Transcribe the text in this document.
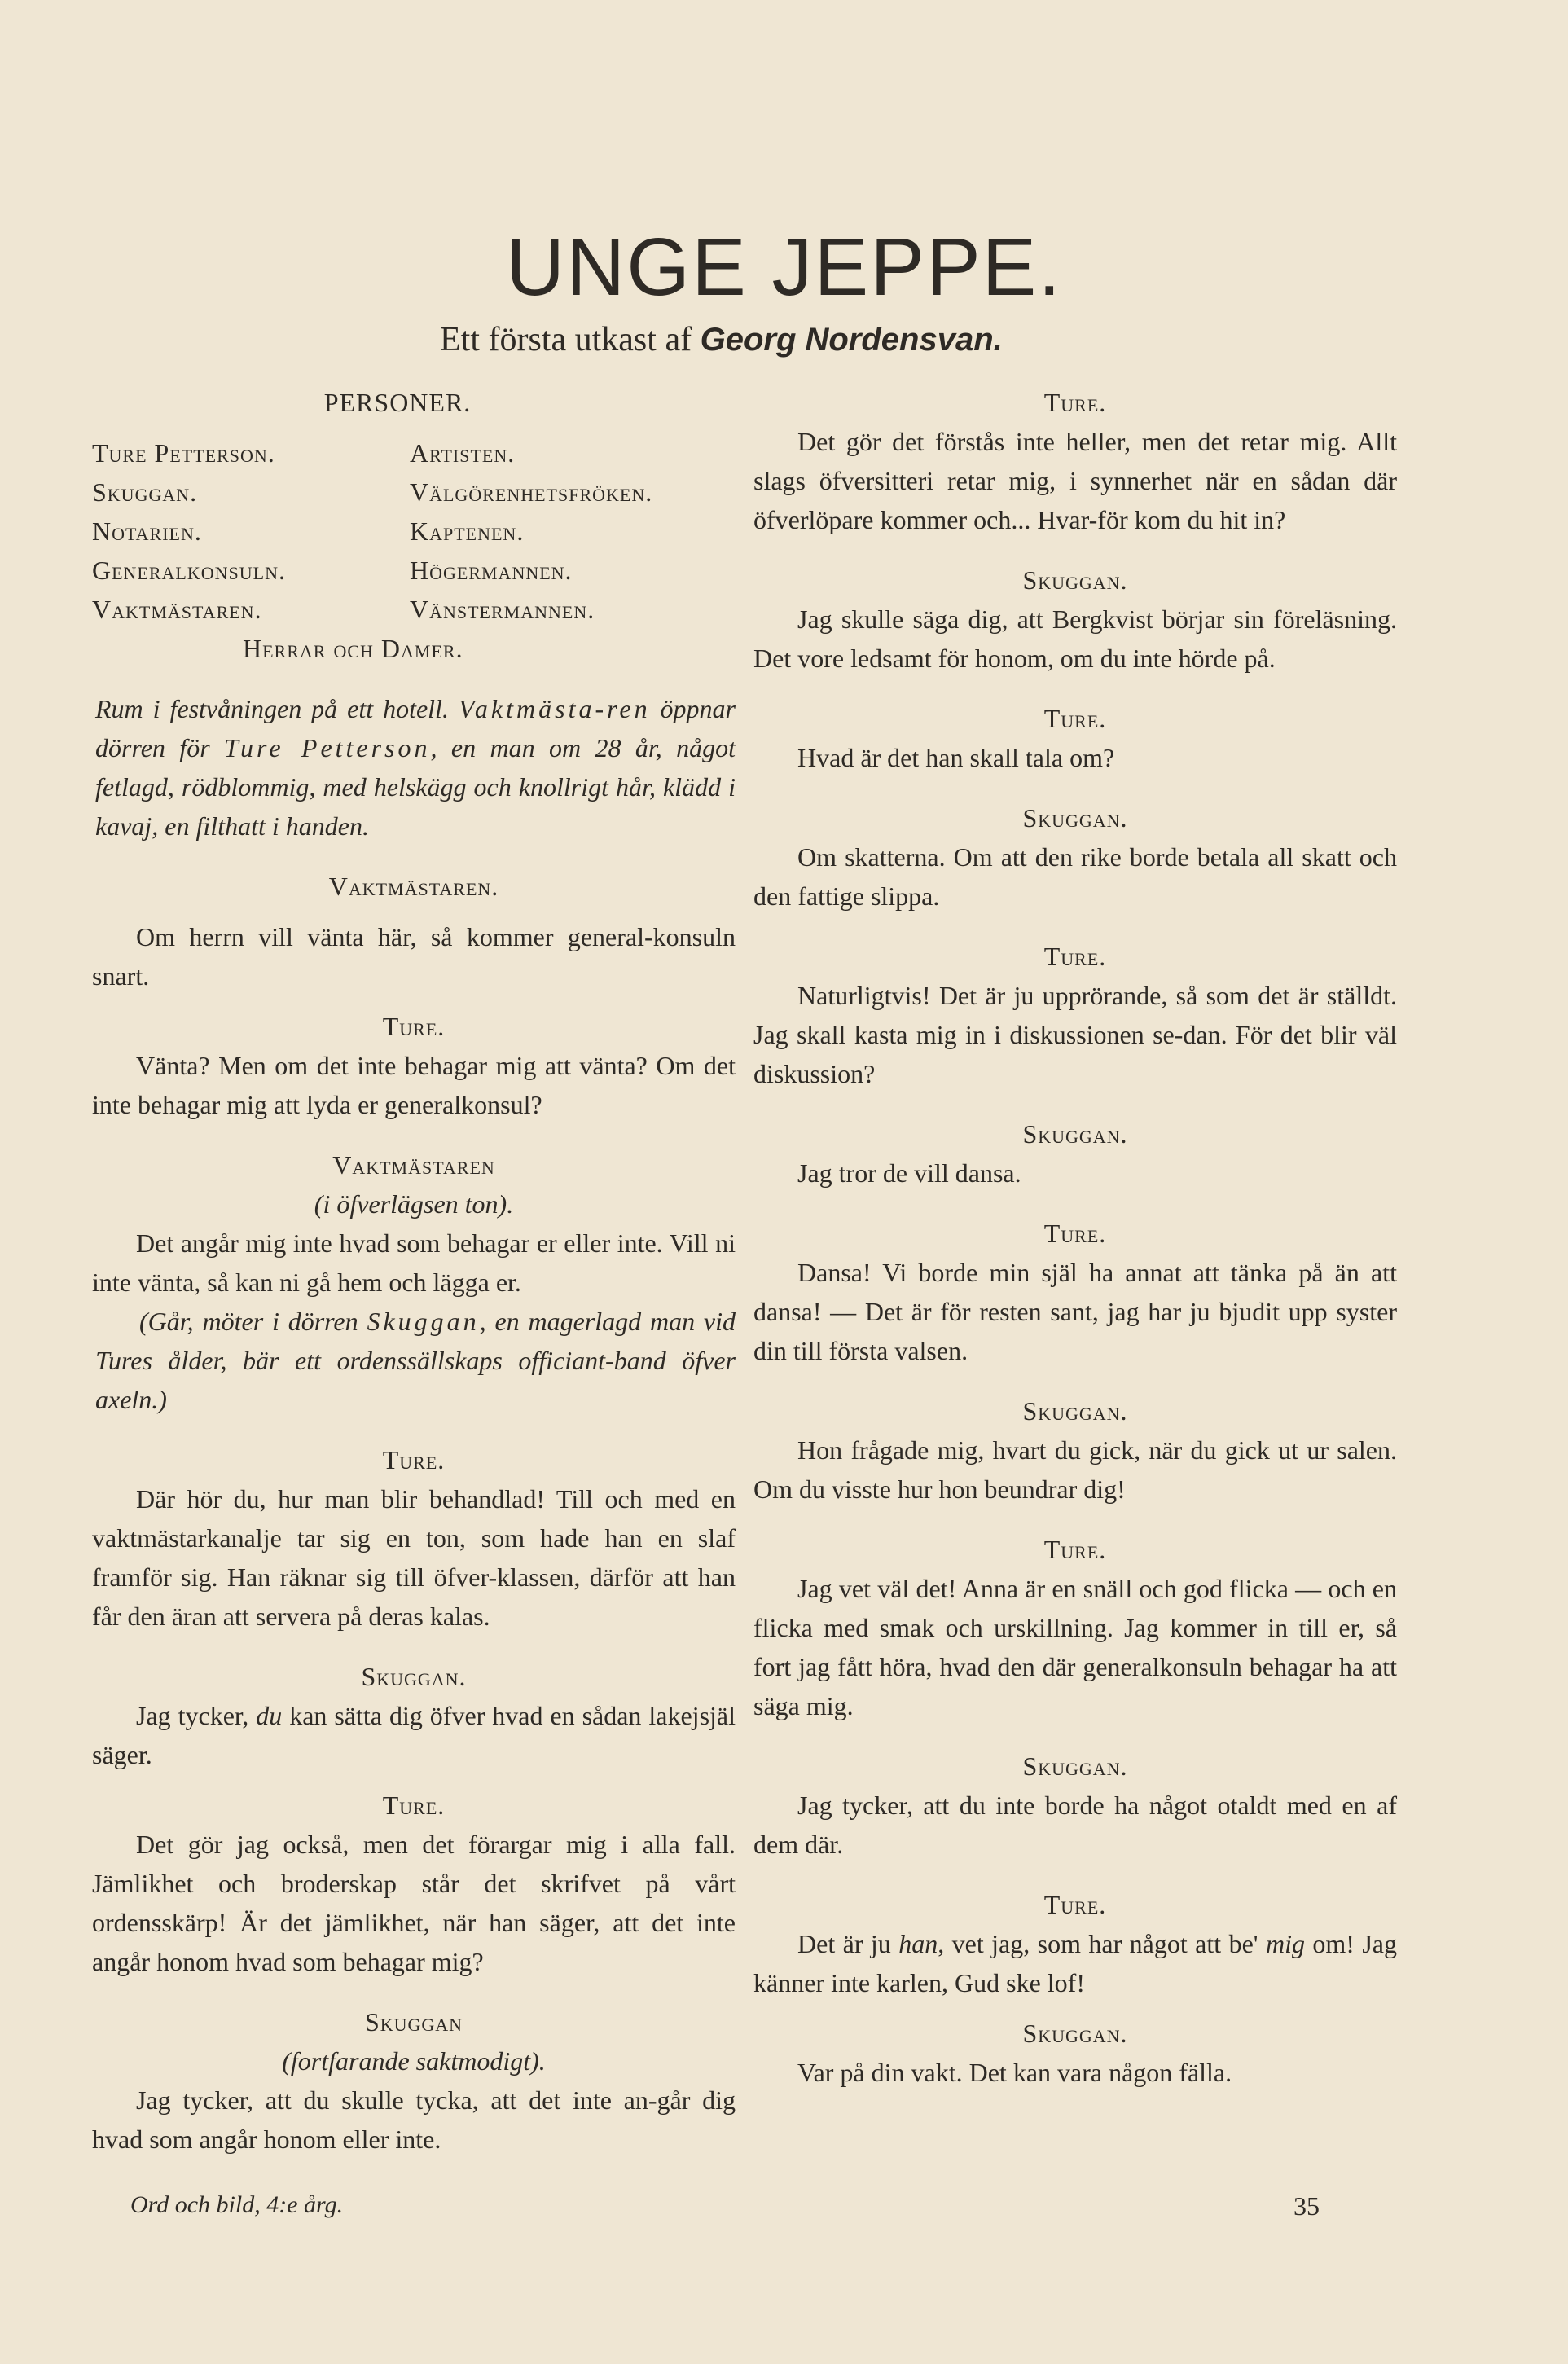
UNGE JEPPE.
Ett första utkast af Georg Nordensvan.
PERSONER.
Ture Petterson.	Artisten.
Skuggan.	Välgörenhetsfröken.
Notarien.	Kaptenen.
Generalkonsuln.	Högermannen.
Vaktmästaren.	Vänstermannen.
Herrar och Damer.

Rum i festvåningen på ett hotell. Vaktmästa-ren öppnar dörren för Ture Petterson, en man om 28 år, något fetlagd, rödblommig, med helskägg och knollrigt hår, klädd i kavaj, en filthatt i handen.

Vaktmästaren.

Om herrn vill vänta här, så kommer general-konsuln snart.

Ture.

Vänta? Men om det inte behagar mig att vänta? Om det inte behagar mig att lyda er generalkonsul?

Vaktmästaren

(i öfverlägsen ton).

Det angår mig inte hvad som behagar er eller inte. Vill ni inte vänta, så kan ni gå hem och lägga er.

(Går, möter i dörren Skuggan, en magerlagd man vid Tures ålder, bär ett ordenssällskaps officiant-band öfver axeln.)

Ture.

Där hör du, hur man blir behandlad! Till och med en vaktmästarkanalje tar sig en ton, som hade han en slaf framför sig. Han räknar sig till öfver-klassen, därför att han får den äran att servera på deras kalas.

Skuggan.

Jag tycker, du kan sätta dig öfver hvad en sådan lakejsjäl säger.

Ture.

Det gör jag också, men det förargar mig i alla fall. Jämlikhet och broderskap står det skrifvet på vårt ordensskärp! Är det jämlikhet, när han säger, att det inte angår honom hvad som behagar mig?

Skuggan

(fortfarande saktmodigt).

Jag tycker, att du skulle tycka, att det inte an-går dig hvad som angår honom eller inte.

Ture.

Det gör det förstås inte heller, men det retar mig. Allt slags öfversitteri retar mig, i synnerhet när en sådan där öfverlöpare kommer och... Hvar-för kom du hit in?

Skuggan.

Jag skulle säga dig, att Bergkvist börjar sin föreläsning. Det vore ledsamt för honom, om du inte hörde på.

Ture.

Hvad är det han skall tala om?

Skuggan.

Om skatterna. Om att den rike borde betala all skatt och den fattige slippa.

Ture.

Naturligtvis! Det är ju upprörande, så som det är ställdt. Jag skall kasta mig in i diskussionen se-dan. För det blir väl diskussion?

Skuggan.

Jag tror de vill dansa.

Ture.

Dansa! Vi borde min själ ha annat att tänka på än att dansa! — Det är för resten sant, jag har ju bjudit upp syster din till första valsen.

Skuggan.

Hon frågade mig, hvart du gick, när du gick ut ur salen. Om du visste hur hon beundrar dig!

Ture.

Jag vet väl det! Anna är en snäll och god flicka — och en flicka med smak och urskillning. Jag kommer in till er, så fort jag fått höra, hvad den där generalkonsuln behagar ha att säga mig.

Skuggan.

Jag tycker, att du inte borde ha något otaldt med en af dem där.

Ture.

Det är ju han, vet jag, som har något att be' mig om! Jag känner inte karlen, Gud ske lof!

Skuggan.

Var på din vakt. Det kan vara någon fälla.

Ord och bild, 4:e årg.	35
